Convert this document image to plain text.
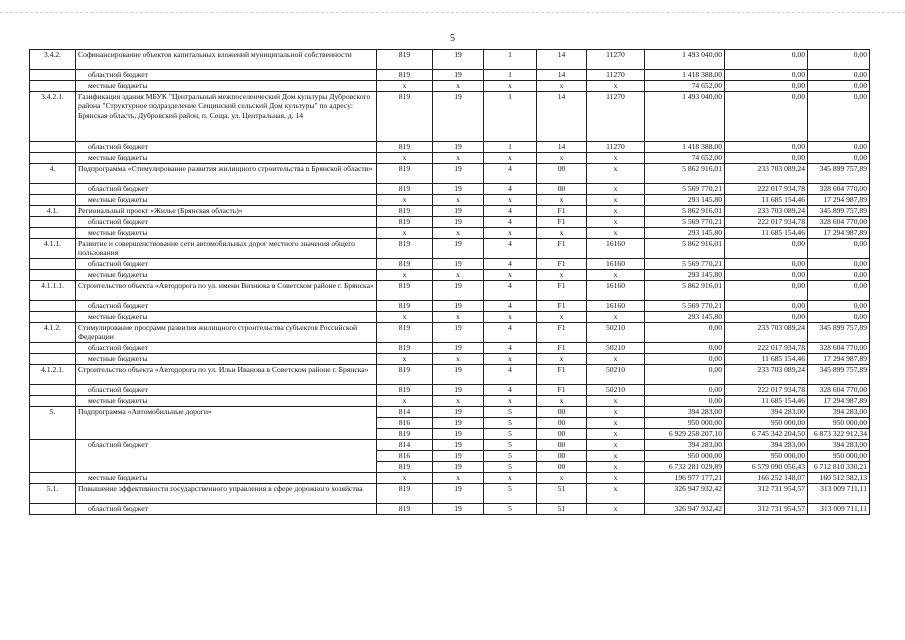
5
3.4.2.	Софинансирование объектов капитальных вложений муниципальной собственности	819	19	1	14	11270	1 493 040,00	0,00	0,00
	областной бюджет	819	19	1	14	11270	1 418 388,00	0,00	0,00
	местные бюджеты	х	х	х	х	х	74 652,00	0,00	0,00
3.4.2.1.	Газификация здания МБУК "Центральный межпоселенческий Дом культуры Дубровского района "Структурное подразделение Сещинский сельский Дом культуры" по адресу: Брянская область, Дубровский район, п. Сеща, ул. Центральная, д. 14	819	19	1	14	11270	1 493 040,00	0,00	0,00
	областной бюджет	819	19	1	14	11270	1 418 388,00	0,00	0,00
	местные бюджеты	х	х	х	х	х	74 652,00	0,00	0,00
4.	Подпрограмма «Стимулирование развития жилищного строительства в Брянской области»	819	19	4	00	х	5 862 916,01	233 703 089,24	345 899 757,89
	областной бюджет	819	19	4	00	х	5 569 770,21	222 017 934,78	328 604 770,00
	местные бюджеты	х	х	х	х	х	293 145,80	11 685 154,46	17 294 987,89
4.1.	Региональный проект «Жилье (Брянская область)»	819	19	4	F1	х	5 862 916,01	233 703 089,24	345 899 757,89
	областной бюджет	819	19	4	F1	х	5 569 770,21	222 017 934,78	328 604 770,00
	местные бюджеты	х	х	х	х	х	293 145,80	11 685 154,46	17 294 987,89
4.1.1.	Развитие и совершенствование сети автомобильных дорог местного значения общего пользования	819	19	4	F1	16160	5 862 916,01	0,00	0,00
	областной бюджет	819	19	4	F1	16160	5 569 770,21	0,00	0,00
	местные бюджеты	х	х	х	х	х	293 145,80	0,00	0,00
4.1.1.1.	Строительство объекта «Автодорога по ул. имени Визнюка в Советском районе г. Брянска»	819	19	4	F1	16160	5 862 916,01	0,00	0,00
	областной бюджет	819	19	4	F1	16160	5 569 770,21	0,00	0,00
	местные бюджеты	х	х	х	х	х	293 145,80	0,00	0,00
4.1.2.	Стимулирование программ развития жилищного строительства субъектов Российской Федерации	819	19	4	F1	50210	0,00	233 703 089,24	345 899 757,89
	областной бюджет	819	19	4	F1	50210	0,00	222 017 934,78	328 604 770,00
	местные бюджеты	х	х	х	х	х	0,00	11 685 154,46	17 294 987,89
4.1.2.1.	Строительство объекта «Автодорога по ул. Ильи Иванова в Советском районе г. Брянска»	819	19	4	F1	50210	0,00	233 703 089,24	345 899 757,89
	областной бюджет	819	19	4	F1	50210	0,00	222 017 934,78	328 604 770,00
	местные бюджеты	х	х	х	х	х	0,00	11 685 154,46	17 294 987,89
5.	Подпрограмма «Автомобильные дороги»	814	19	5	00	х	394 283,00	394 283,00	394 283,00
		816	19	5	00	х	950 000,00	950 000,00	950 000,00
		819	19	5	00	х	6 929 258 207,10	6 745 342 204,50	6 873 322 912,34
	областной бюджет	814	19	5	00	х	394 283,00	394 283,00	394 283,00
		816	19	5	00	х	950 000,00	950 000,00	950 000,00
		819	19	5	00	х	6 732 281 029,89	6 579 090 056,43	6 712 810 330,21
	местные бюджеты	х	х	х	х	х	196 977 177,21	166 252 148,07	160 512 582,13
5.1.	Повышение эффективности государственного управления в сфере дорожного хозяйства	819	19	5	51	х	326 947 932,42	312 731 954,57	313 009 711,11
	областной бюджет	819	19	5	51	х	326 947 932,42	312 731 954,57	313 009 711,11
